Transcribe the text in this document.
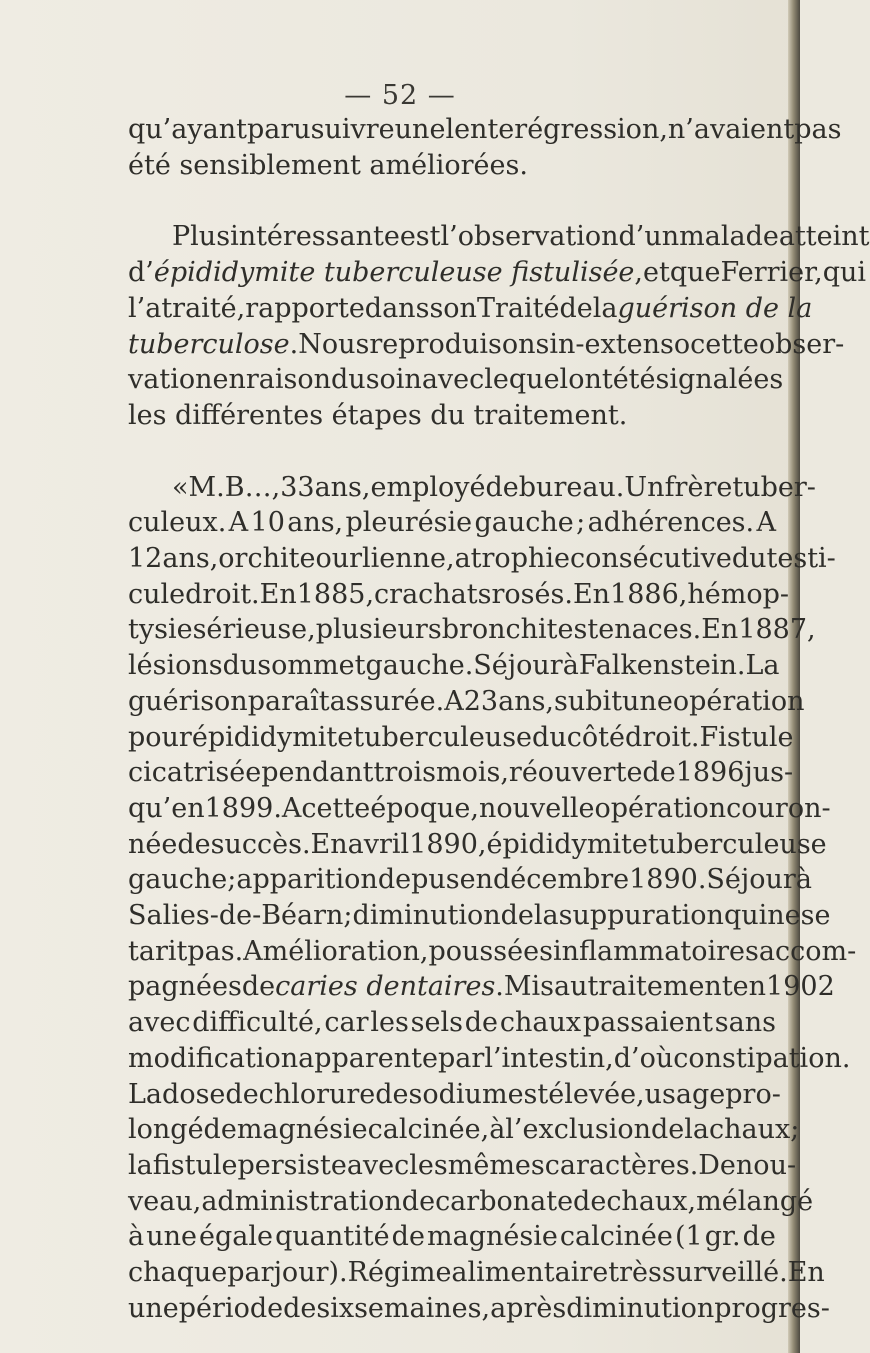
— 52 —
qu’ayant paru suivre une lente régression, n’avaient pas
été sensiblement améliorées.
Plus intéressante est l’observation d’un malade atteint
d’ épididymite tuberculeuse fistulisée , et que Ferrier, qui
l’a traité, rapporte dans son Traité de la guérison de la
tuberculose . Nous reproduisons in-extenso cette obser-
vation en raison du soin avec lequel ont été signalées
les différentes étapes du traitement.
« M. B…, 33 ans, employé de bureau. Un frère tuber-
culeux. A 10 ans, pleurésie gauche ; adhérences. A
12 ans, orchite ourlienne, atrophie consécutive du testi-
cule droit. En 1885, crachats rosés. En 1886, hémop-
tysie sérieuse, plusieurs bronchites tenaces. En 1887,
lésions du sommet gauche. Séjour à Falkenstein. La
guérison paraît assurée. A 23 ans, subit une opération
pour épididymite tuberculeuse du côté droit. Fistule
cicatrisée pendant trois mois, réouverte de 1896 jus-
qu’en 1899. A cette époque, nouvelle opération couron-
née de succès. En avril 1890, épididymite tuberculeuse
gauche ; apparition de pus en décembre 1890. Séjour à
Salies-de-Béarn ; diminution de la suppuration qui ne se
tarit pas. Amélioration, poussées inflammatoires accom-
pagnées de caries dentaires . Mis au traitement en 1902
avec difficulté, car les sels de chaux passaient sans
modification apparente par l’intestin, d’où constipation.
La dose de chlorure de sodium est élevée, usage pro-
longé de magnésie calcinée, à l’exclusion de la chaux ;
la fistule persiste avec les mêmes caractères. De nou-
veau, administration de carbonate de chaux, mélangé
à une égale quantité de magnésie calcinée (1 gr. de
chaque par jour). Régime alimentaire très surveillé. En
une période de six semaines, après diminution progres-
